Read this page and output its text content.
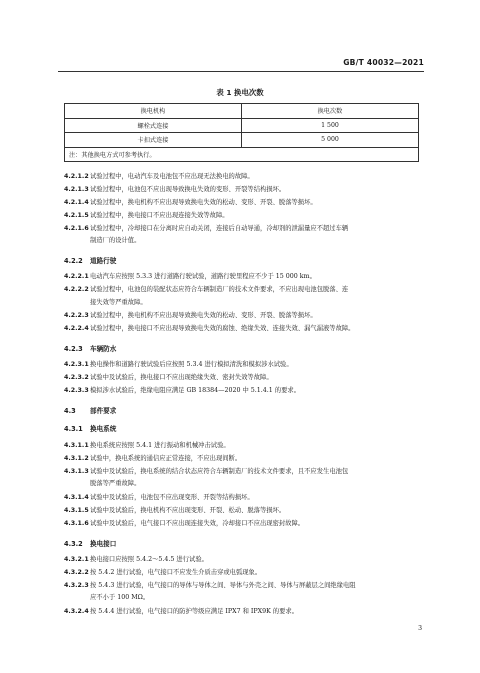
GB/T 40032—2021
表 1 换电次数
换电机构	换电次数
螺栓式连接	1 500
卡扣式连接	5 000
注：其他换电方式可参考执行。	
4.2.1.2 试验过程中，电动汽车及电池包不应出现无法换电的故障。
4.2.1.3 试验过程中，电池包不应出现导致换电失效的变形、开裂等结构损坏。
4.2.1.4 试验过程中，换电机构不应出现导致换电失效的松动、变形、开裂、脱落等损坏。
4.2.1.5 试验过程中，换电接口不应出现连接失效等故障。
4.2.1.6 试验过程中，冷却接口在分离时应自动关闭，连接后自动导通，冷却剂的泄漏量应不超过车辆
制造厂的设计值。
4.2.2 道路行驶
4.2.2.1 电动汽车应按照 5.3.3 进行道路行驶试验，道路行驶里程应不少于 15 000 km。
4.2.2.2 试验过程中，电池包的装配状态应符合车辆制造厂的技术文件要求，不应出现电池包脱落、连
接失效等严重故障。
4.2.2.3 试验过程中，换电机构不应出现导致换电失效的松动、变形、开裂、脱落等损坏。
4.2.2.4 试验过程中，换电接口不应出现导致换电失效的腐蚀、绝缘失效、连接失效、漏气漏液等故障。
4.2.3 车辆防水
4.2.3.1 换电操作和道路行驶试验后应按照 5.3.4 进行模拟清洗和模拟涉水试验。
4.2.3.2 试验中及试验后，换电接口不应出现绝缘失效、密封失效等故障。
4.2.3.3 模拟涉水试验后，绝缘电阻应满足 GB 18384—2020 中 5.1.4.1 的要求。
4.3 部件要求
4.3.1 换电系统
4.3.1.1 换电系统应按照 5.4.1 进行振动和机械冲击试验。
4.3.1.2 试验中，换电系统的通信应正常连接，不应出现间断。
4.3.1.3 试验中及试验后，换电系统的结合状态应符合车辆制造厂的技术文件要求，且不应发生电池包
脱落等严重故障。
4.3.1.4 试验中及试验后，电池包不应出现变形、开裂等结构损坏。
4.3.1.5 试验中及试验后，换电机构不应出现变形、开裂、松动、脱落等损坏。
4.3.1.6 试验中及试验后，电气接口不应出现连接失效，冷却接口不应出现密封故障。
4.3.2 换电接口
4.3.2.1 换电接口应按照 5.4.2～5.4.5 进行试验。
4.3.2.2 按 5.4.2 进行试验，电气接口不应发生介质击穿或电弧现象。
4.3.2.3 按 5.4.3 进行试验，电气接口的导体与导体之间、导体与外壳之间、导体与屏蔽层之间绝缘电阻
应不小于 100 MΩ。
4.3.2.4 按 5.4.4 进行试验，电气接口的防护等级应满足 IPX7 和 IPX9K 的要求。
3
